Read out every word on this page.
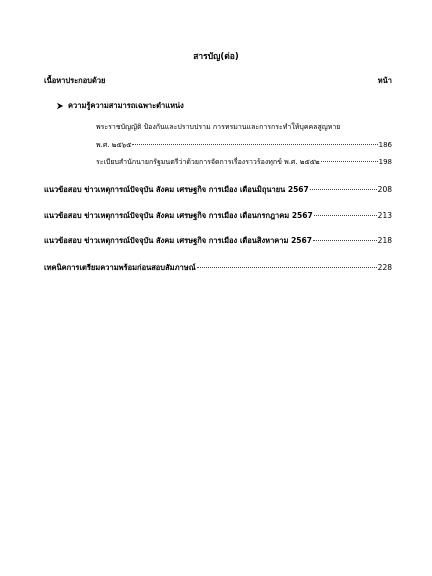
สารบัญ(ต่อ)
เนื้อหาประกอบด้วย	หน้า
ความรู้ความสามารถเฉพาะตำแหน่ง
พระราชบัญญัติ ป้องกันและปราบปราม การทรมานและการกระทำให้บุคคลสูญหาย
พ.ศ. ๒๕๖๕	186
ระเบียบสำนักนายกรัฐมนตรีว่าด้วยการจัดการเรื่องราวร้องทุกข์ พ.ศ. ๒๕๕๒	198
แนวข้อสอบ ข่าวเหตุการณ์ปัจจุบัน สังคม เศรษฐกิจ การเมือง เดือนมิถุนายน 2567	208
แนวข้อสอบ ข่าวเหตุการณ์ปัจจุบัน สังคม เศรษฐกิจ การเมือง เดือนกรกฎาคม 2567	213
แนวข้อสอบ ข่าวเหตุการณ์ปัจจุบัน สังคม เศรษฐกิจ การเมือง เดือนสิงหาคาม 2567	218
เทคนิคการเตรียมความพร้อมก่อนสอบสัมภาษณ์	228
